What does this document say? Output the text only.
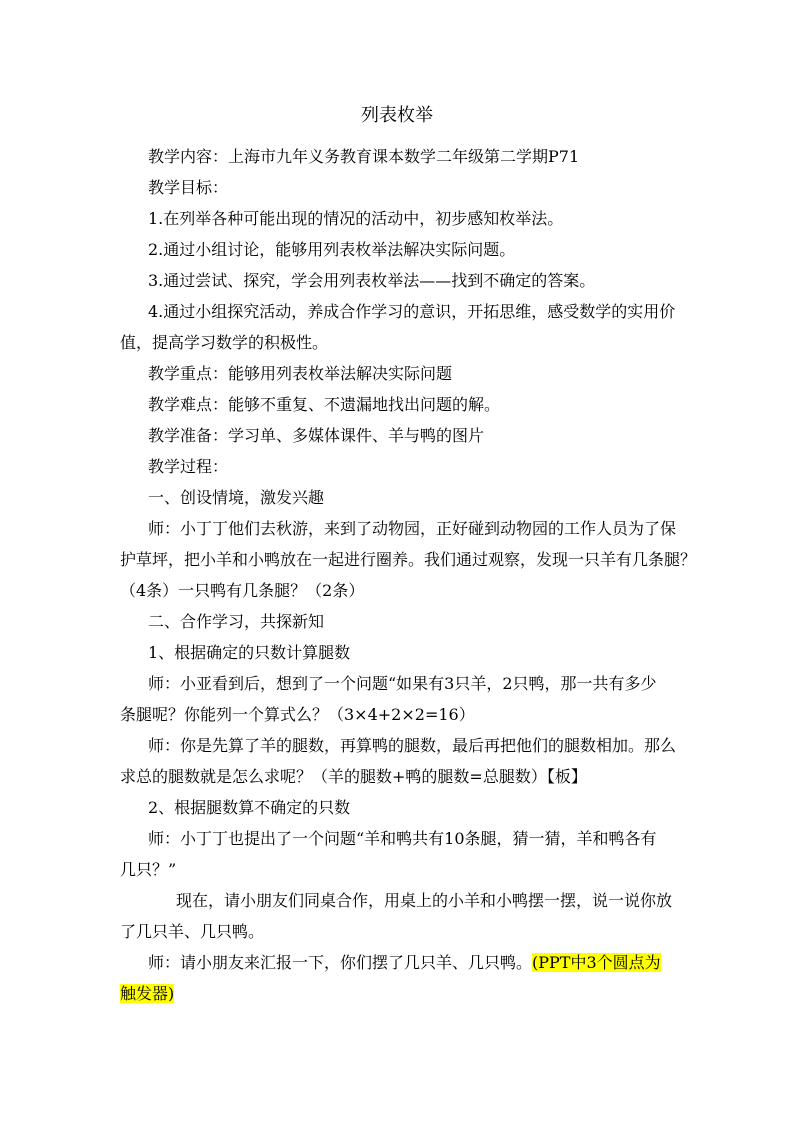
列表枚举

教学内容：上海市九年义务教育课本数学二年级第二学期P71

教学目标：

1.在列举各种可能出现的情况的活动中，初步感知枚举法。

2.通过小组讨论，能够用列表枚举法解决实际问题。

3.通过尝试、探究，学会用列表枚举法——找到不确定的答案。

4.通过小组探究活动，养成合作学习的意识，开拓思维，感受数学的实用价

值，提高学习数学的积极性。

教学重点：能够用列表枚举法解决实际问题

教学难点：能够不重复、不遗漏地找出问题的解。

教学准备：学习单、多媒体课件、羊与鸭的图片

教学过程：

一、创设情境，激发兴趣

师：小丁丁他们去秋游，来到了动物园，正好碰到动物园的工作人员为了保

护草坪，把小羊和小鸭放在一起进行圈养。我们通过观察，发现一只羊有几条腿？

（4条）一只鸭有几条腿？（2条）

二、合作学习，共探新知

1、根据确定的只数计算腿数

师：小亚看到后，想到了一个问题“如果有3只羊，2只鸭，那一共有多少

条腿呢？你能列一个算式么？（3×4+2×2=16）

师：你是先算了羊的腿数，再算鸭的腿数，最后再把他们的腿数相加。那么

求总的腿数就是怎么求呢？（羊的腿数+鸭的腿数=总腿数）【板】

2、根据腿数算不确定的只数

师：小丁丁也提出了一个问题“羊和鸭共有10条腿，猜一猜，羊和鸭各有

几只？”

现在，请小朋友们同桌合作，用桌上的小羊和小鸭摆一摆，说一说你放

了几只羊、几只鸭。

师：请小朋友来汇报一下，你们摆了几只羊、几只鸭。(PPT中3个圆点为

触发器)
